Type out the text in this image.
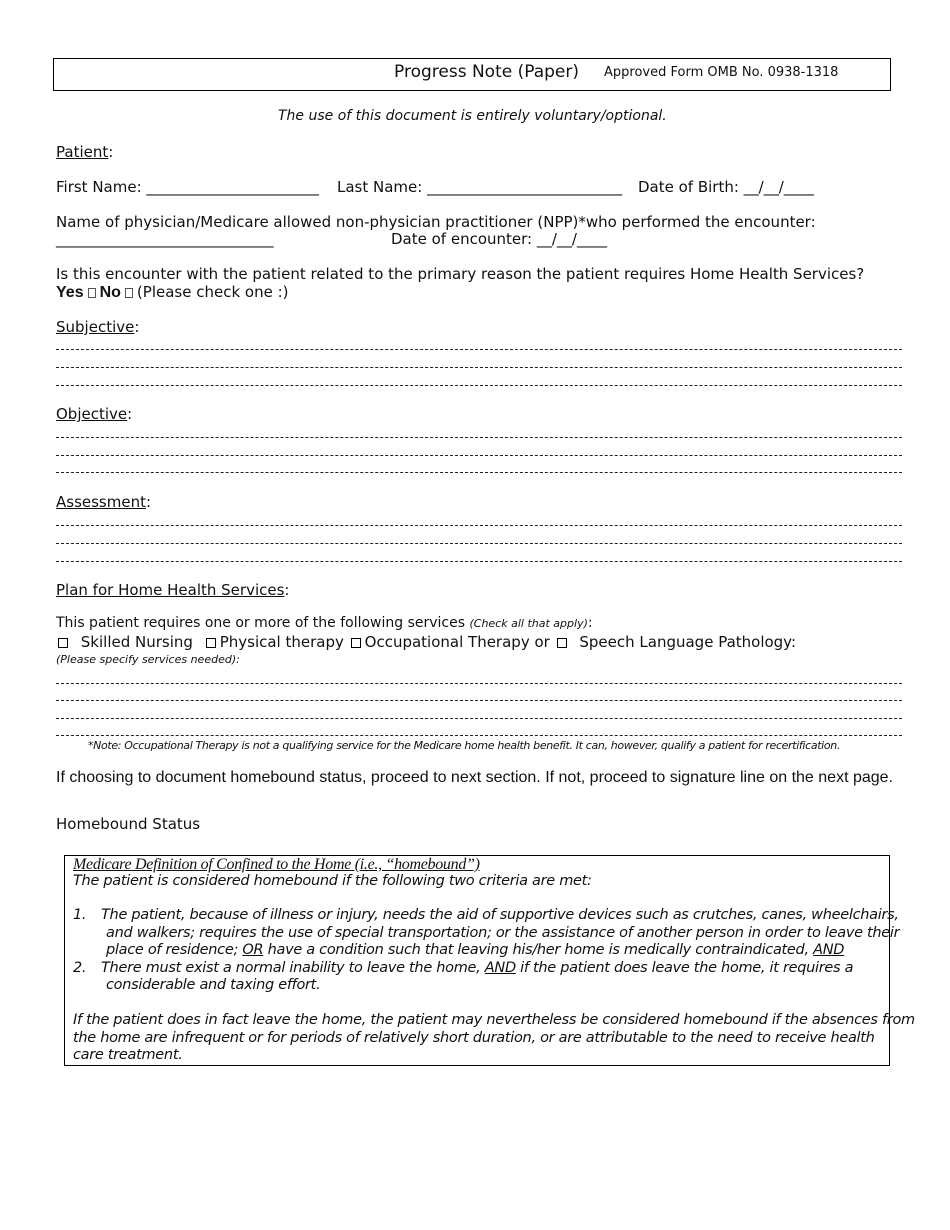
Progress Note (Paper) Approved Form OMB No. 0938-1318
The use of this document is entirely voluntary/optional.
Patient:
First Name: _______________________ Last Name: __________________________ Date of Birth: __/__/____
Name of physician/Medicare allowed non-physician practitioner (NPP)*who performed the encounter:
_____________________________	Date of encounter: __/__/____
Is this encounter with the patient related to the primary reason the patient requires Home Health Services?
Yes No (Please check one :)
Subjective:
Objective:
Assessment:
Plan for Home Health Services:
This patient requires one or more of the following services (Check all that apply):
Skilled Nursing Physical therapy Occupational Therapy or Speech Language Pathology:
(Please specify services needed):
*Note: Occupational Therapy is not a qualifying service for the Medicare home health benefit. It can, however, qualify a patient for recertification.
If choosing to document homebound status, proceed to next section. If not, proceed to signature line on the next page.
Homebound Status
Medicare Definition of Confined to the Home (i.e., “homebound”)
The patient is considered homebound if the following two criteria are met:
1. The patient, because of illness or injury, needs the aid of supportive devices such as crutches, canes, wheelchairs,
and walkers; requires the use of special transportation; or the assistance of another person in order to leave their
place of residence; OR have a condition such that leaving his/her home is medically contraindicated, AND
2. There must exist a normal inability to leave the home, AND if the patient does leave the home, it requires a
considerable and taxing effort.
If the patient does in fact leave the home, the patient may nevertheless be considered homebound if the absences from
the home are infrequent or for periods of relatively short duration, or are attributable to the need to receive health
care treatment.
